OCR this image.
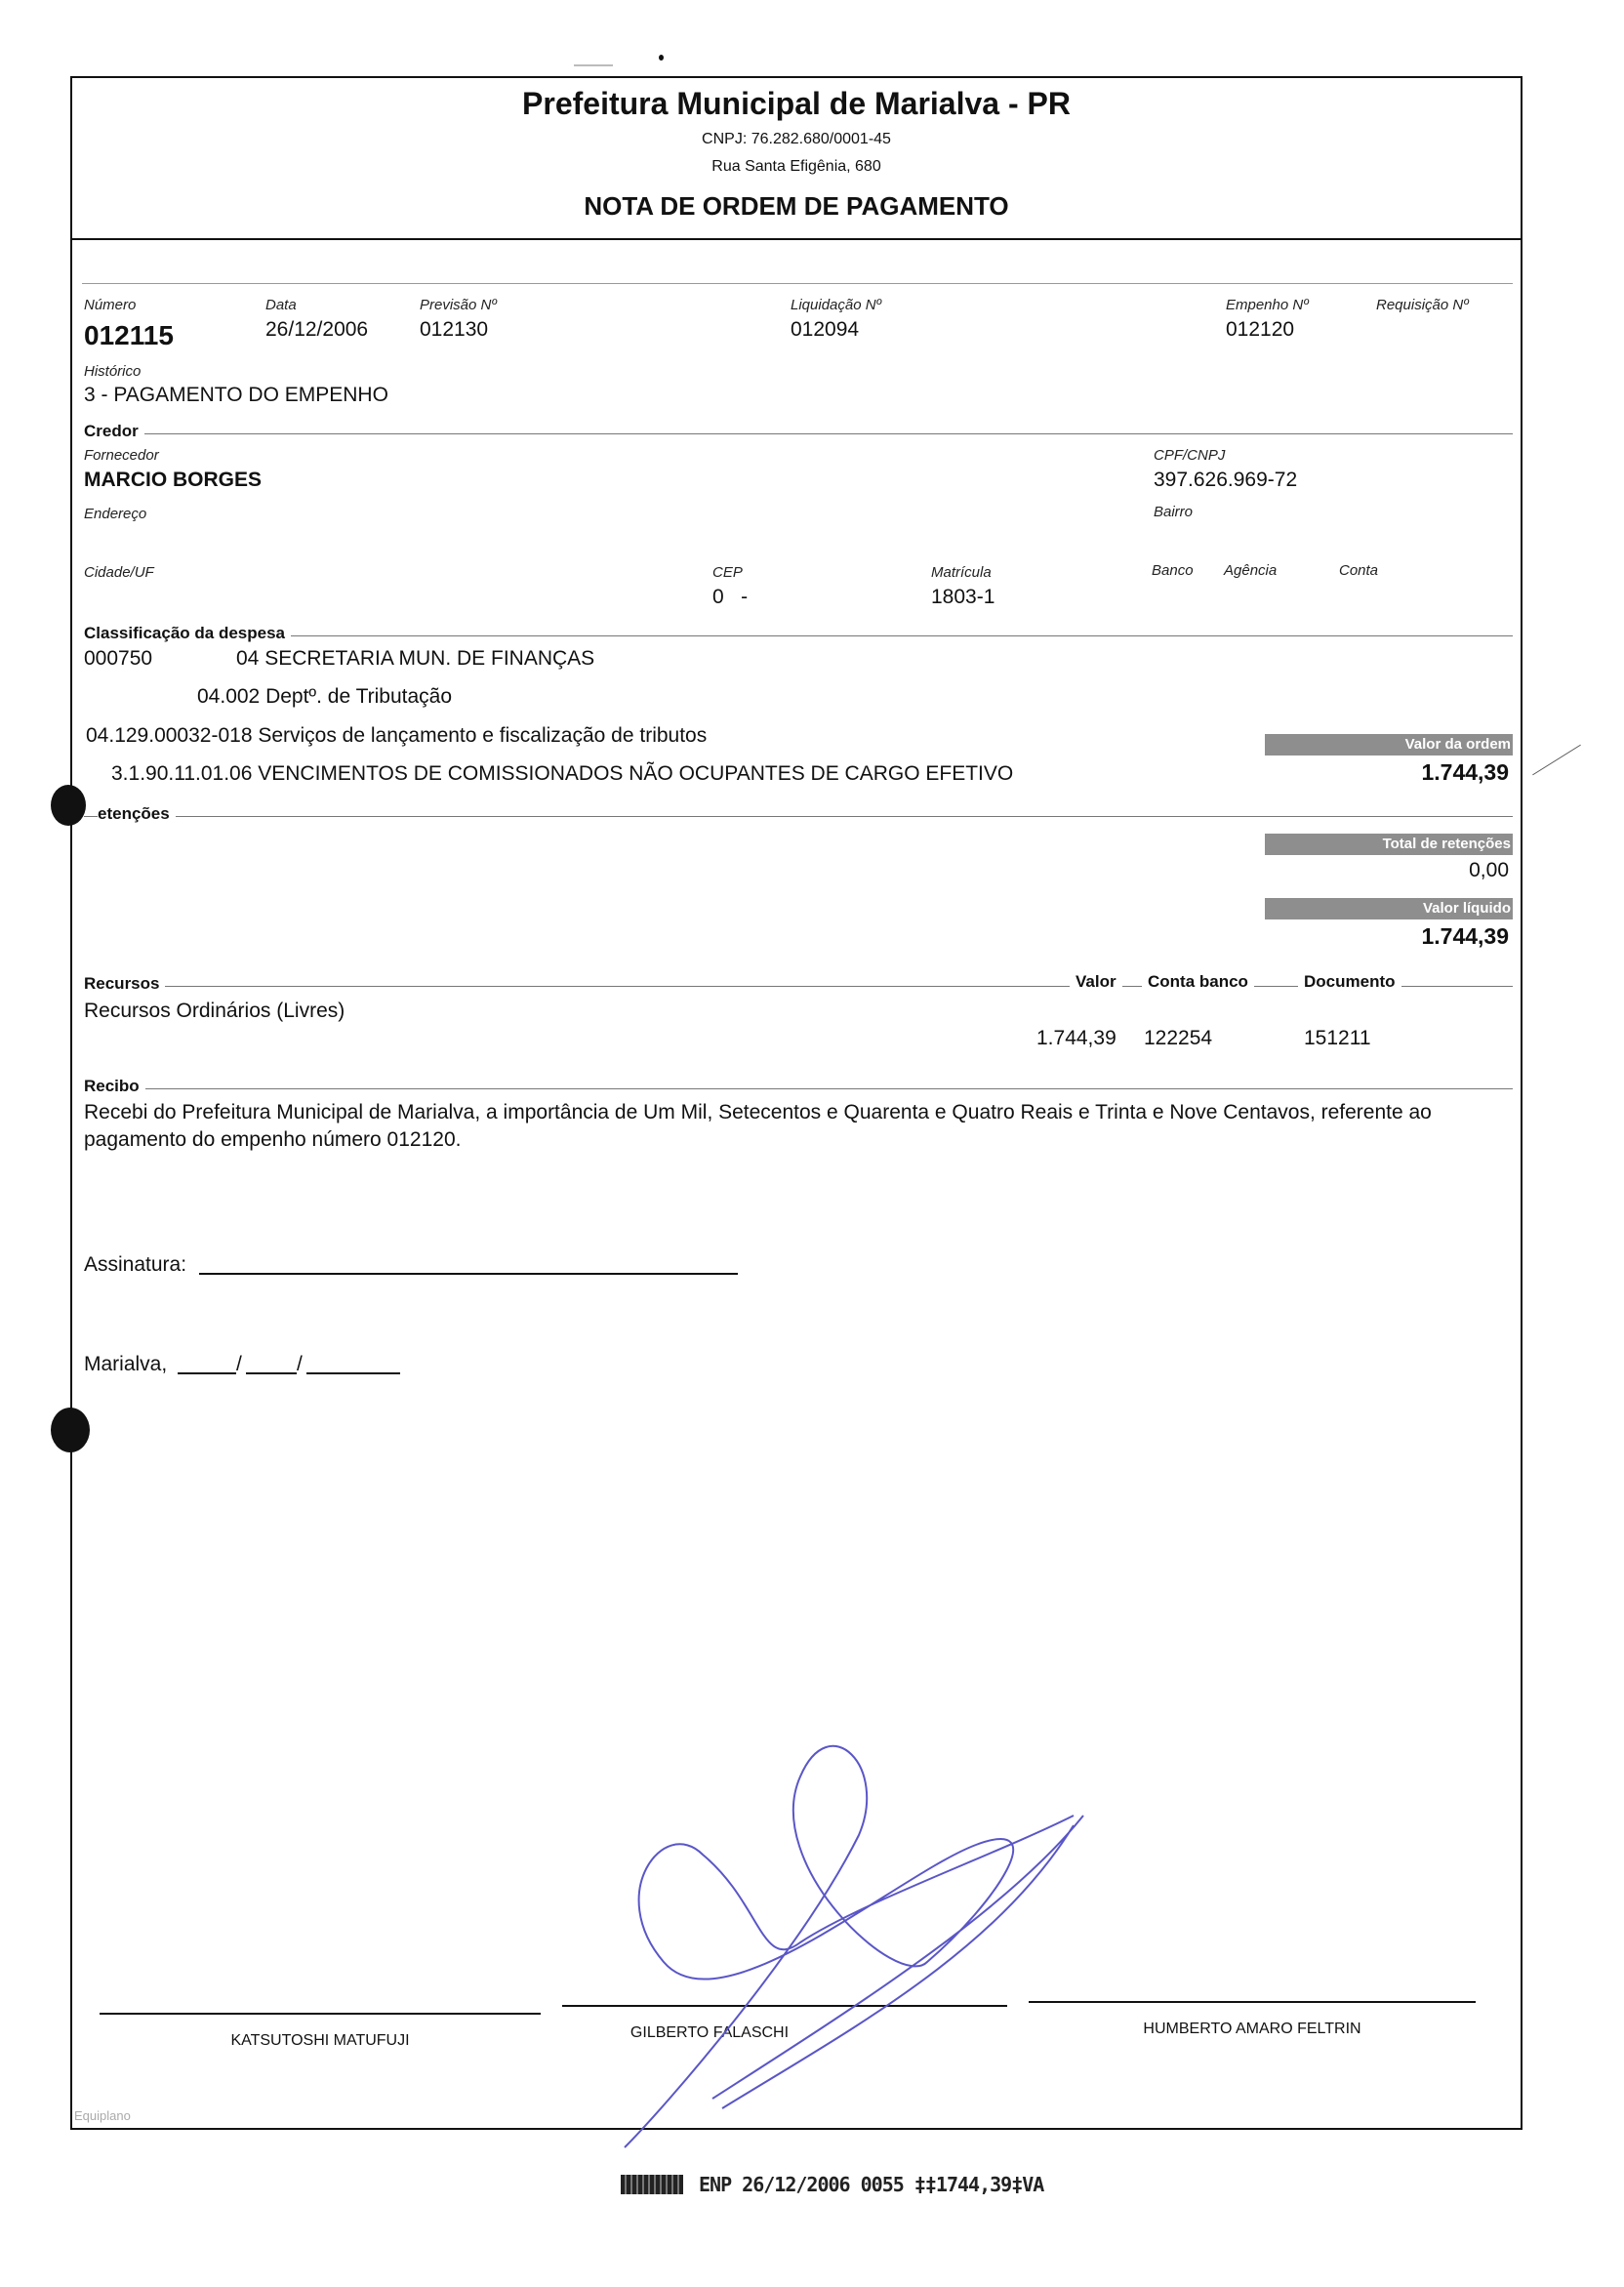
Prefeitura Municipal de Marialva - PR
CNPJ: 76.282.680/0001-45
Rua Santa Efigênia, 680
NOTA DE ORDEM DE PAGAMENTO
Número
012115
Data
26/12/2006
Previsão Nº
012130
Liquidação Nº
012094
Empenho Nº
012120
Requisição Nº
Histórico
3 - PAGAMENTO DO EMPENHO
Credor
Fornecedor
MARCIO BORGES
CPF/CNPJ
397.626.969-72
Endereço	Bairro
Cidade/UF	CEP
0   -
Matrícula
1803-1
Banco Agência	Conta
Classificação da despesa
000750	04 SECRETARIA MUN. DE FINANÇAS
04.002 Deptº. de Tributação
04.129.00032-018 Serviços de lançamento e fiscalização de tributos	Valor da ordem
3.1.90.11.01.06 VENCIMENTOS DE COMISSIONADOS NÃO OCUPANTES DE CARGO EFETIVO	1.744,39
etenções
Total de retenções
0,00
Valor líquido
1.744,39
Recursos	Valor	Conta banco	Documento
Recursos Ordinários (Livres)
1.744,39 122254	151211
Recibo
Recebi do Prefeitura Municipal de Marialva, a importância de Um Mil, Setecentos e Quarenta e Quatro Reais e Trinta e Nove Centavos, referente ao pagamento do empenho número 012120.
Assinatura:
Marialva,	/	/
KATSUTOSHI MATUFUJI	GILBERTO FALASCHI	HUMBERTO AMARO FELTRIN
Equiplano
ENP 26/12/2006 0055 ‡‡1744,39‡VA
